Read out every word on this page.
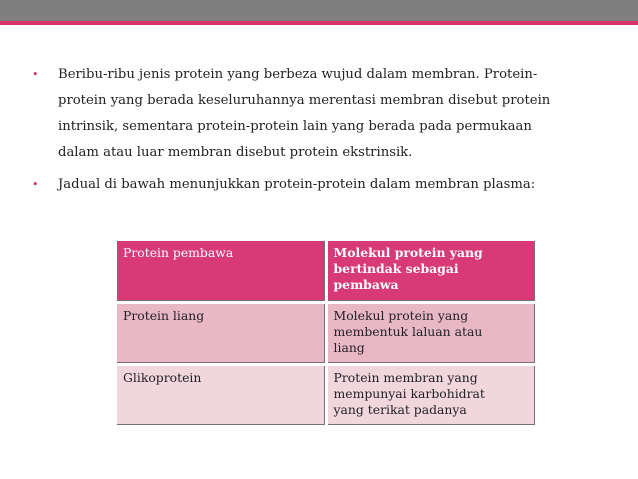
• Beribu-ribu jenis protein yang berbeza wujud dalam membran. Protein-
protein yang berada keseluruhannya merentasi membran disebut protein
intrinsik, sementara protein-protein lain yang berada pada permukaan
dalam atau luar membran disebut protein ekstrinsik.
• Jadual di bawah menunjukkan protein-protein dalam membran plasma:
Protein pembawa	Molekul protein yang
bertindak sebagai
pembawa
Protein liang	Molekul protein yang
membentuk laluan atau
liang
Glikoprotein	Protein membran yang
mempunyai karbohidrat
yang terikat padanya
